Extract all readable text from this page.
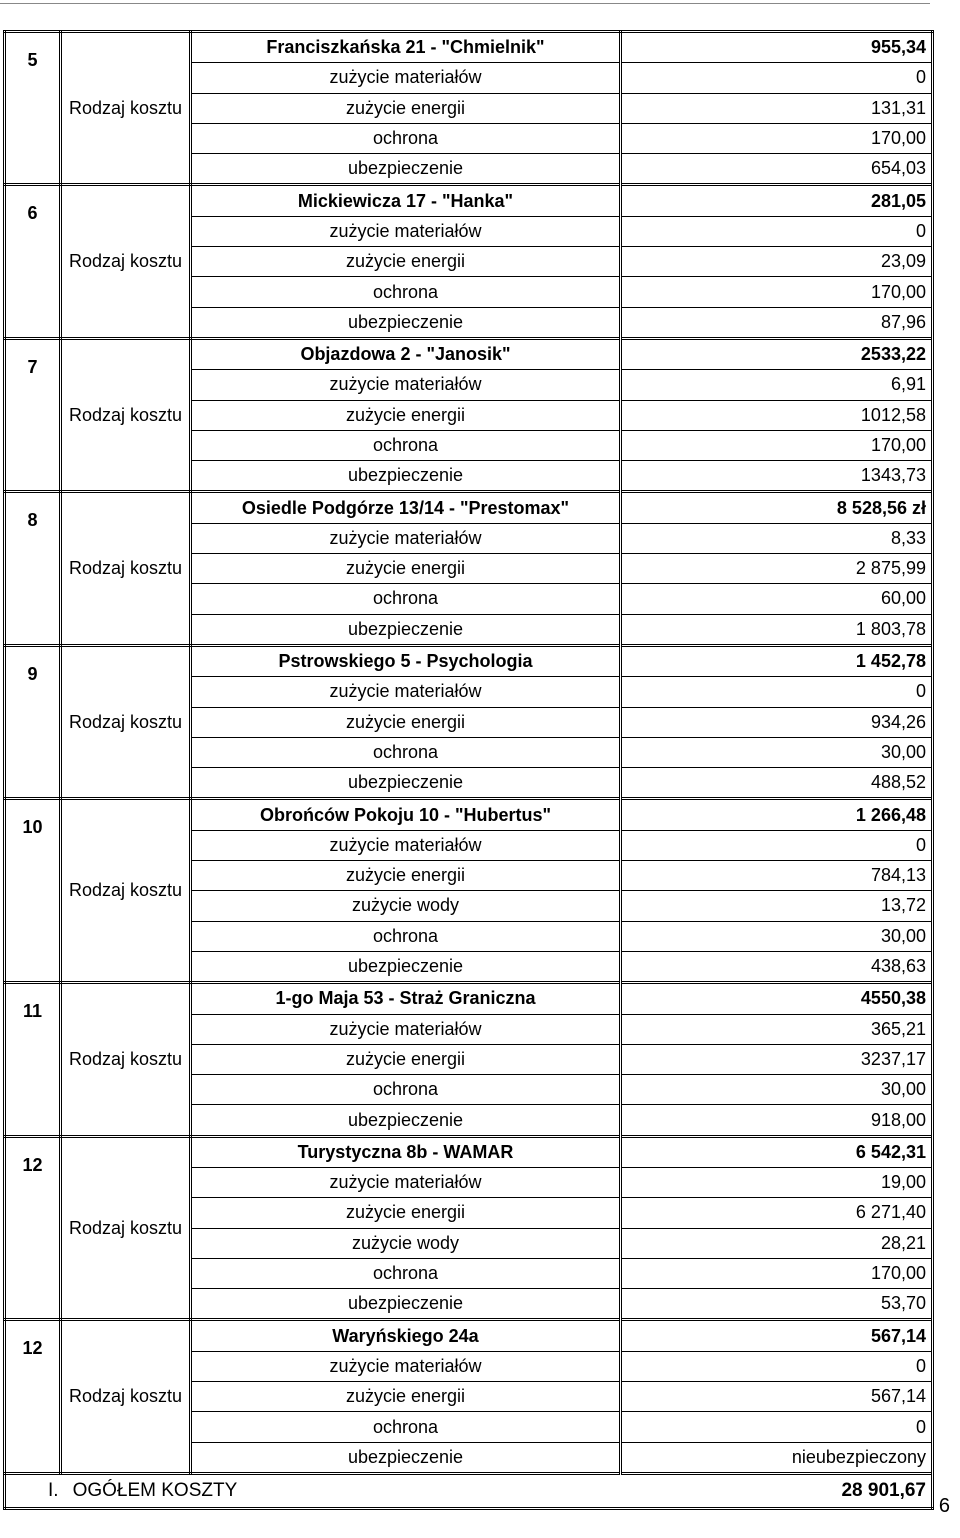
5	Rodzaj kosztu	Franciszkańska 21 - "Chmielnik"	955,34
		zużycie materiałów	0
		zużycie energii	131,31
		ochrona	170,00
		ubezpieczenie	654,03
6	Rodzaj kosztu	Mickiewicza 17 - "Hanka"	281,05
		zużycie materiałów	0
		zużycie energii	23,09
		ochrona	170,00
		ubezpieczenie	87,96
7	Rodzaj kosztu	Objazdowa 2 - "Janosik"	2533,22
		zużycie materiałów	6,91
		zużycie energii	1012,58
		ochrona	170,00
		ubezpieczenie	1343,73
8	Rodzaj kosztu	Osiedle Podgórze 13/14 - "Prestomax"	8 528,56 zł
		zużycie materiałów	8,33
		zużycie energii	2 875,99
		ochrona	60,00
		ubezpieczenie	1 803,78
9	Rodzaj kosztu	Pstrowskiego 5 - Psychologia	1 452,78
		zużycie materiałów	0
		zużycie energii	934,26
		ochrona	30,00
		ubezpieczenie	488,52
10	Rodzaj kosztu	Obrońców Pokoju 10 - "Hubertus"	1 266,48
		zużycie materiałów	0
		zużycie energii	784,13
		zużycie wody	13,72
		ochrona	30,00
		ubezpieczenie	438,63
11	Rodzaj kosztu	1-go Maja 53 - Straż Graniczna	4550,38
		zużycie materiałów	365,21
		zużycie energii	3237,17
		ochrona	30,00
		ubezpieczenie	918,00
12	Rodzaj kosztu	Turystyczna 8b - WAMAR	6 542,31
		zużycie materiałów	19,00
		zużycie energii	6 271,40
		zużycie wody	28,21
		ochrona	170,00
		ubezpieczenie	53,70
12	Rodzaj kosztu	Waryńskiego 24a	567,14
		zużycie materiałów	0
		zużycie energii	567,14
		ochrona	0
		ubezpieczenie	nieubezpieczony
I. OGÓŁEM KOSZTY			28 901,67
6
